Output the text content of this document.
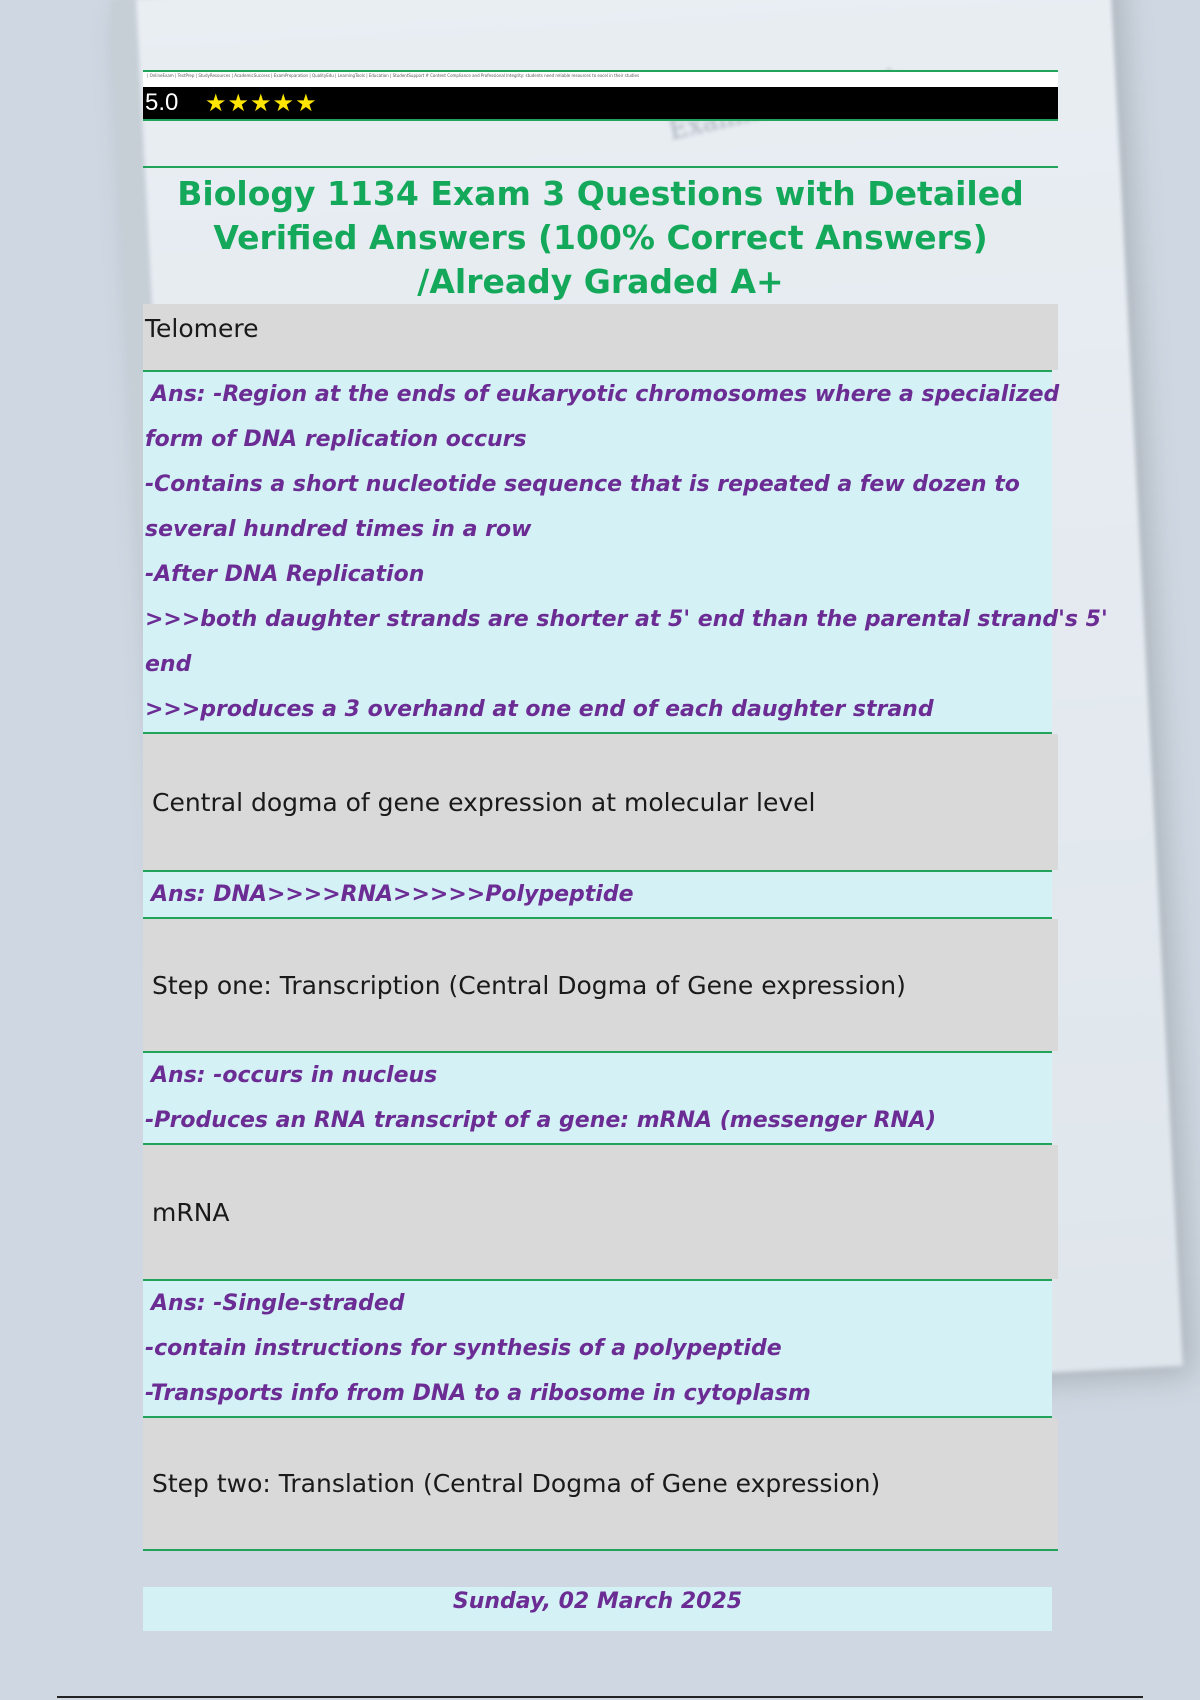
| OnlineExam | TestPrep | StudyResources | AcademicSuccess | ExamPreparation | QualityEdu | LearningTools | Education | StudentSupport # Content Compliance and Professional Integrity: students need reliable resources to excel in their studies
5.0	★★★★★
Biology 1134 Exam 3 Questions with Detailed Verified Answers (100% Correct Answers) /Already Graded A+
Telomere
Ans: -Region at the ends of eukaryotic chromosomes where a specialized
form of DNA replication occurs
-Contains a short nucleotide sequence that is repeated a few dozen to
several hundred times in a row
-After DNA Replication
>>>both daughter strands are shorter at 5' end than the parental strand's 5'
end
>>>produces a 3 overhand at one end of each daughter strand
Central dogma of gene expression at molecular level
Ans: DNA>>>>RNA>>>>>Polypeptide
Step one: Transcription (Central Dogma of Gene expression)
Ans: -occurs in nucleus
-Produces an RNA transcript of a gene: mRNA (messenger RNA)
mRNA
Ans: -Single-straded
-contain instructions for synthesis of a polypeptide
-Transports info from DNA to a ribosome in cytoplasm
Step two: Translation (Central Dogma of Gene expression)
Sunday, 02 March 2025
